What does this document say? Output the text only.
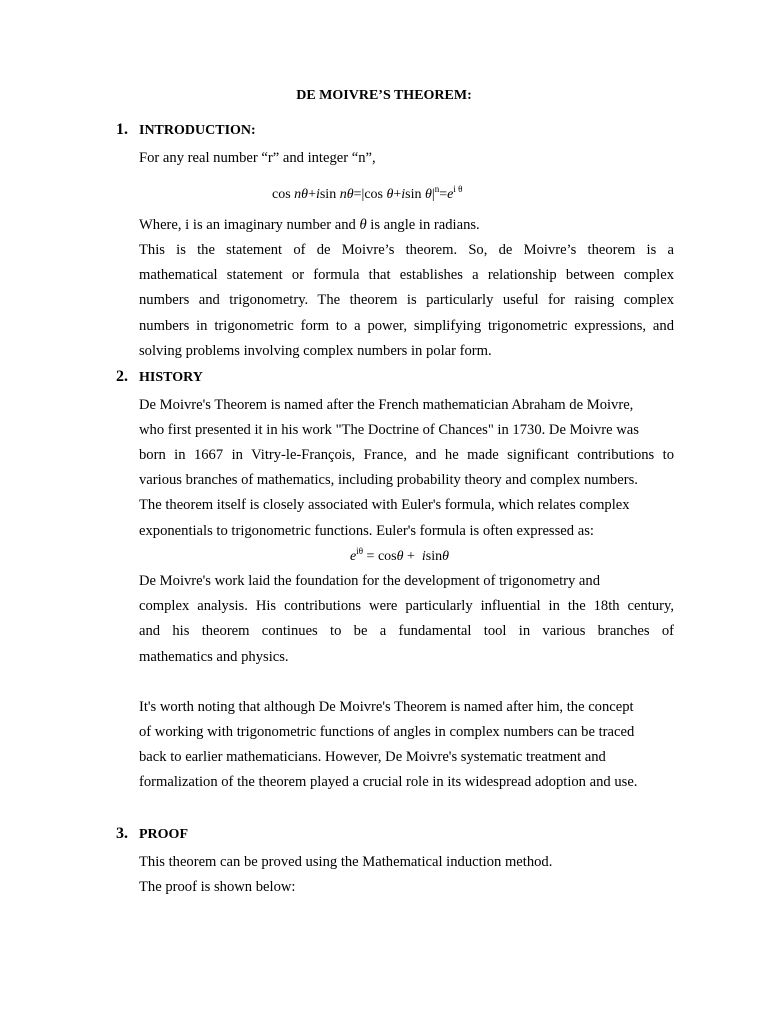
DE MOIVRE’S THEOREM:
1. INTRODUCTION:
For any real number “r” and integer “n”,
cos nθ+isin nθ=|cos θ+isin $\theta|^n=e^{i \theta}$
Where, i is an imaginary number and θ is angle in radians.
This is the statement of de Moivre’s theorem. So, de Moivre’s theorem is a
mathematical statement or formula that establishes a relationship between complex
numbers and trigonometry. The theorem is particularly useful for raising complex
numbers in trigonometric form to a power, simplifying trigonometric expressions, and
solving problems involving complex numbers in polar form.
2. HISTORY
De Moivre's Theorem is named after the French mathematician Abraham de Moivre,
who first presented it in his work "The Doctrine of Chances" in 1730. De Moivre was
born in 1667 in Vitry-le-François, France, and he made significant contributions to
various branches of mathematics, including probability theory and complex numbers.
The theorem itself is closely associated with Euler's formula, which relates complex
exponentials to trigonometric functions. Euler's formula is often expressed as:
$e^{i\theta} = \cos\theta + isin\theta$
De Moivre's work laid the foundation for the development of trigonometry and
complex analysis. His contributions were particularly influential in the 18th century,
and his theorem continues to be a fundamental tool in various branches of
mathematics and physics.
It's worth noting that although De Moivre's Theorem is named after him, the concept
of working with trigonometric functions of angles in complex numbers can be traced
back to earlier mathematicians. However, De Moivre's systematic treatment and
formalization of the theorem played a crucial role in its widespread adoption and use.
3. PROOF
This theorem can be proved using the Mathematical induction method.
The proof is shown below:
